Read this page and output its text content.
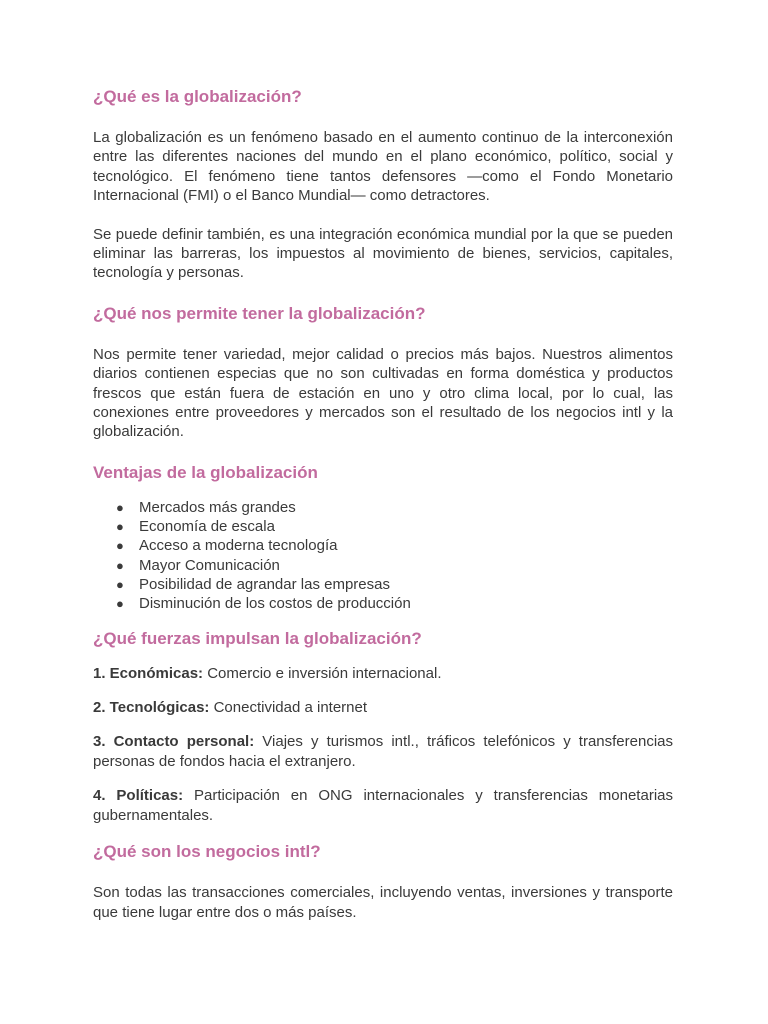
¿Qué es la globalización?

La globalización es un fenómeno basado en el aumento continuo de la interconexión entre las diferentes naciones del mundo en el plano económico, político, social y tecnológico. El fenómeno tiene tantos defensores —como el Fondo Monetario Internacional (FMI) o el Banco Mundial— como detractores.

Se puede definir también, es una integración económica mundial por la que se pueden eliminar las barreras, los impuestos al movimiento de bienes, servicios, capitales, tecnología y personas.

¿Qué nos permite tener la globalización?

Nos permite tener variedad, mejor calidad o precios más bajos. Nuestros alimentos diarios contienen especias que no son cultivadas en forma doméstica y productos frescos que están fuera de estación en uno y otro clima local, por lo cual, las conexiones entre proveedores y mercados son el resultado de los negocios intl y la globalización.

Ventajas de la globalización
● Mercados más grandes
● Economía de escala
● Acceso a moderna tecnología
● Mayor Comunicación
● Posibilidad de agrandar las empresas
● Disminución de los costos de producción
¿Qué fuerzas impulsan la globalización?

1. Económicas: Comercio e inversión internacional.

2. Tecnológicas: Conectividad a internet

3. Contacto personal: Viajes y turismos intl., tráficos telefónicos y transferencias personas de fondos hacia el extranjero.

4. Políticas: Participación en ONG internacionales y transferencias monetarias gubernamentales.

¿Qué son los negocios intl?

Son todas las transacciones comerciales, incluyendo ventas, inversiones y transporte que tiene lugar entre dos o más países.
